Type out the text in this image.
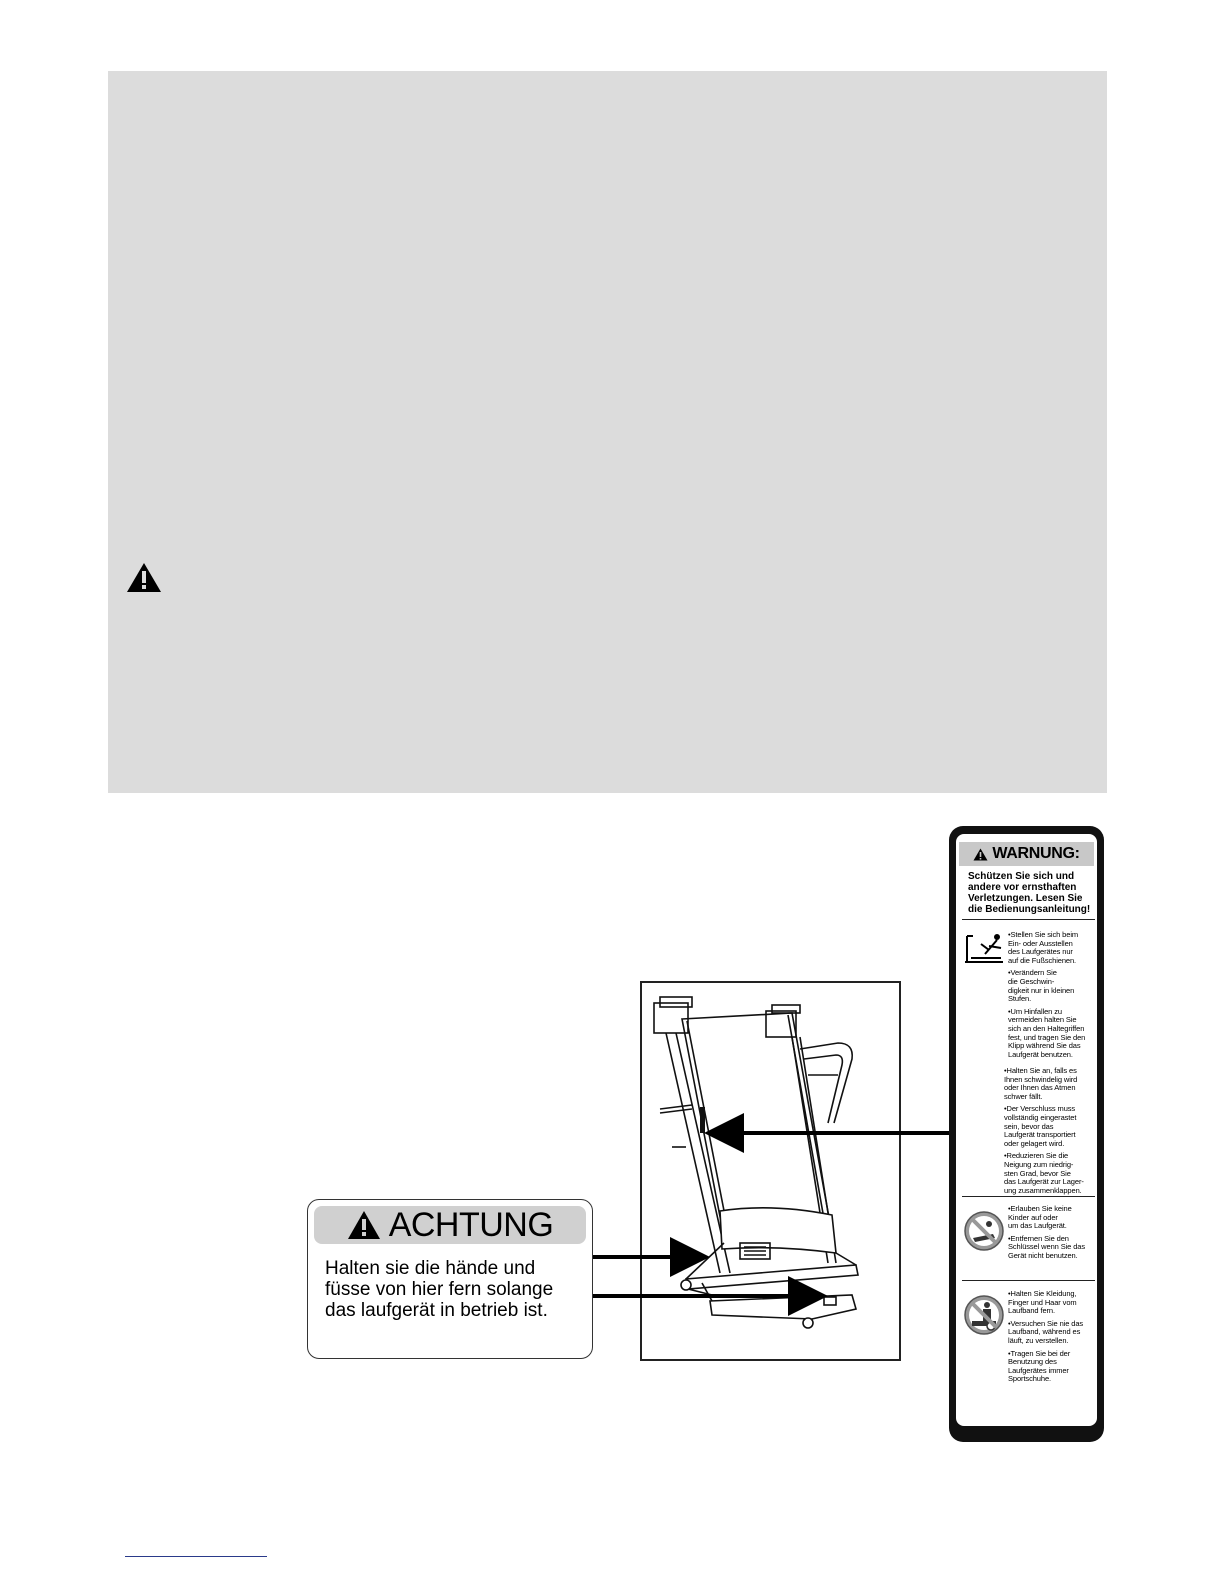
ACHTUNG
Halten sie die hände und
füsse von hier fern solange
das laufgerät in betrieb ist.
WARNUNG:
Schützen Sie sich und
andere vor ernsthaften
Verletzungen. Lesen Sie
die Bedienungsanleitung!
•Stellen Sie sich beim
Ein- oder Ausstellen
des Laufgerätes nur
auf die Fußschienen.
•Verändern Sie
die Geschwin-
digkeit nur in kleinen
Stufen.
•Um Hinfallen zu
vermeiden halten Sie
sich an den Haltegriffen
fest, und tragen Sie den
Klipp während Sie das
Laufgerät benutzen.
•Halten Sie an, falls es
Ihnen schwindelig wird
oder Ihnen das Atmen
schwer fällt.
•Der Verschluss muss
vollständig eingerastet
sein, bevor das
Laufgerät transportiert
oder gelagert wird.
•Reduzieren Sie die
Neigung zum niedrig-
sten Grad, bevor Sie
das Laufgerät zur Lager-
ung zusammenklappen.
•Erlauben Sie keine
Kinder auf oder
um das Laufgerät.
•Entfernen Sie den
Schlüssel wenn Sie das
Gerät nicht benutzen.
•Halten Sie Kleidung,
Finger und Haar vom
Laufband fern.
•Versuchen Sie nie das
Laufband, während es
läuft, zu verstellen.
•Tragen Sie bei der
Benutzung des
Laufgerätes immer
Sportschuhe.
